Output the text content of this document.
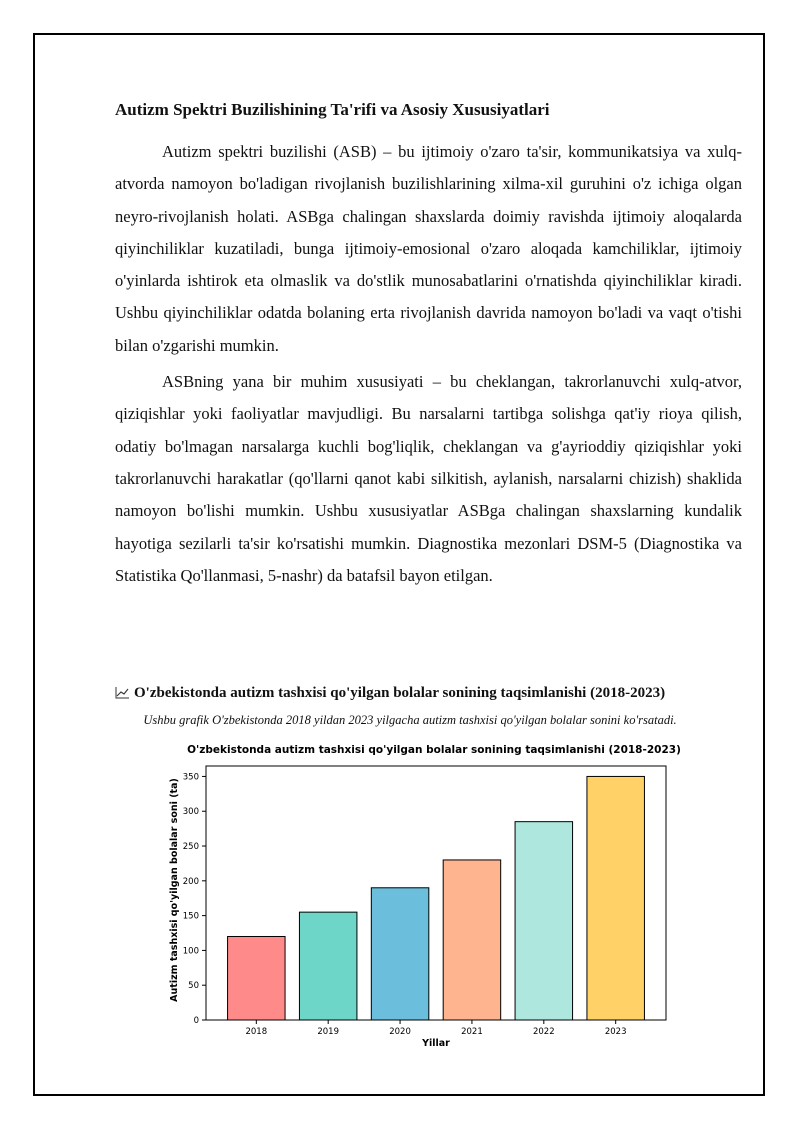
Autizm Spektri Buzilishining Ta'rifi va Asosiy Xususiyatlari

Autizm spektri buzilishi (ASB) – bu ijtimoiy o'zaro ta'sir, kommunikatsiya va xulq-atvorda namoyon bo'ladigan rivojlanish buzilishlarining xilma-xil guruhini o'z ichiga olgan neyro-rivojlanish holati. ASBga chalingan shaxslarda doimiy ravishda ijtimoiy aloqalarda qiyinchiliklar kuzatiladi, bunga ijtimoiy-emosional o'zaro aloqada kamchiliklar, ijtimoiy o'yinlarda ishtirok eta olmaslik va do'stlik munosabatlarini o'rnatishda qiyinchiliklar kiradi. Ushbu qiyinchiliklar odatda bolaning erta rivojlanish davrida namoyon bo'ladi va vaqt o'tishi bilan o'zgarishi mumkin.

ASBning yana bir muhim xususiyati – bu cheklangan, takrorlanuvchi xulq-atvor, qiziqishlar yoki faoliyatlar mavjudligi. Bu narsalarni tartibga solishga qat'iy rioya qilish, odatiy bo'lmagan narsalarga kuchli bog'liqlik, cheklangan va g'ayrioddiy qiziqishlar yoki takrorlanuvchi harakatlar (qo'llarni qanot kabi silkitish, aylanish, narsalarni chizish) shaklida namoyon bo'lishi mumkin. Ushbu xususiyatlar ASBga chalingan shaxslarning kundalik hayotiga sezilarli ta'sir ko'rsatishi mumkin. Diagnostika mezonlari DSM-5 (Diagnostika va Statistika Qo'llanmasi, 5-nashr) da batafsil bayon etilgan.

O'zbekistonda autizm tashxisi qo'yilgan bolalar sonining taqsimlanishi (2018-2023)
Ushbu grafik O'zbekistonda 2018 yildan 2023 yilgacha autizm tashxisi qo'yilgan bolalar sonini ko'rsatadi.
O'zbekistonda autizm tashxisi qo'yilgan bolalar sonining taqsimlanishi (2018-2023)
Autizm tashxisi qo'yilgan bolalar soni (ta)
Yillar
0
50
100
150
200
250
300
350
2018	2019	2020	2021	2022	2023
